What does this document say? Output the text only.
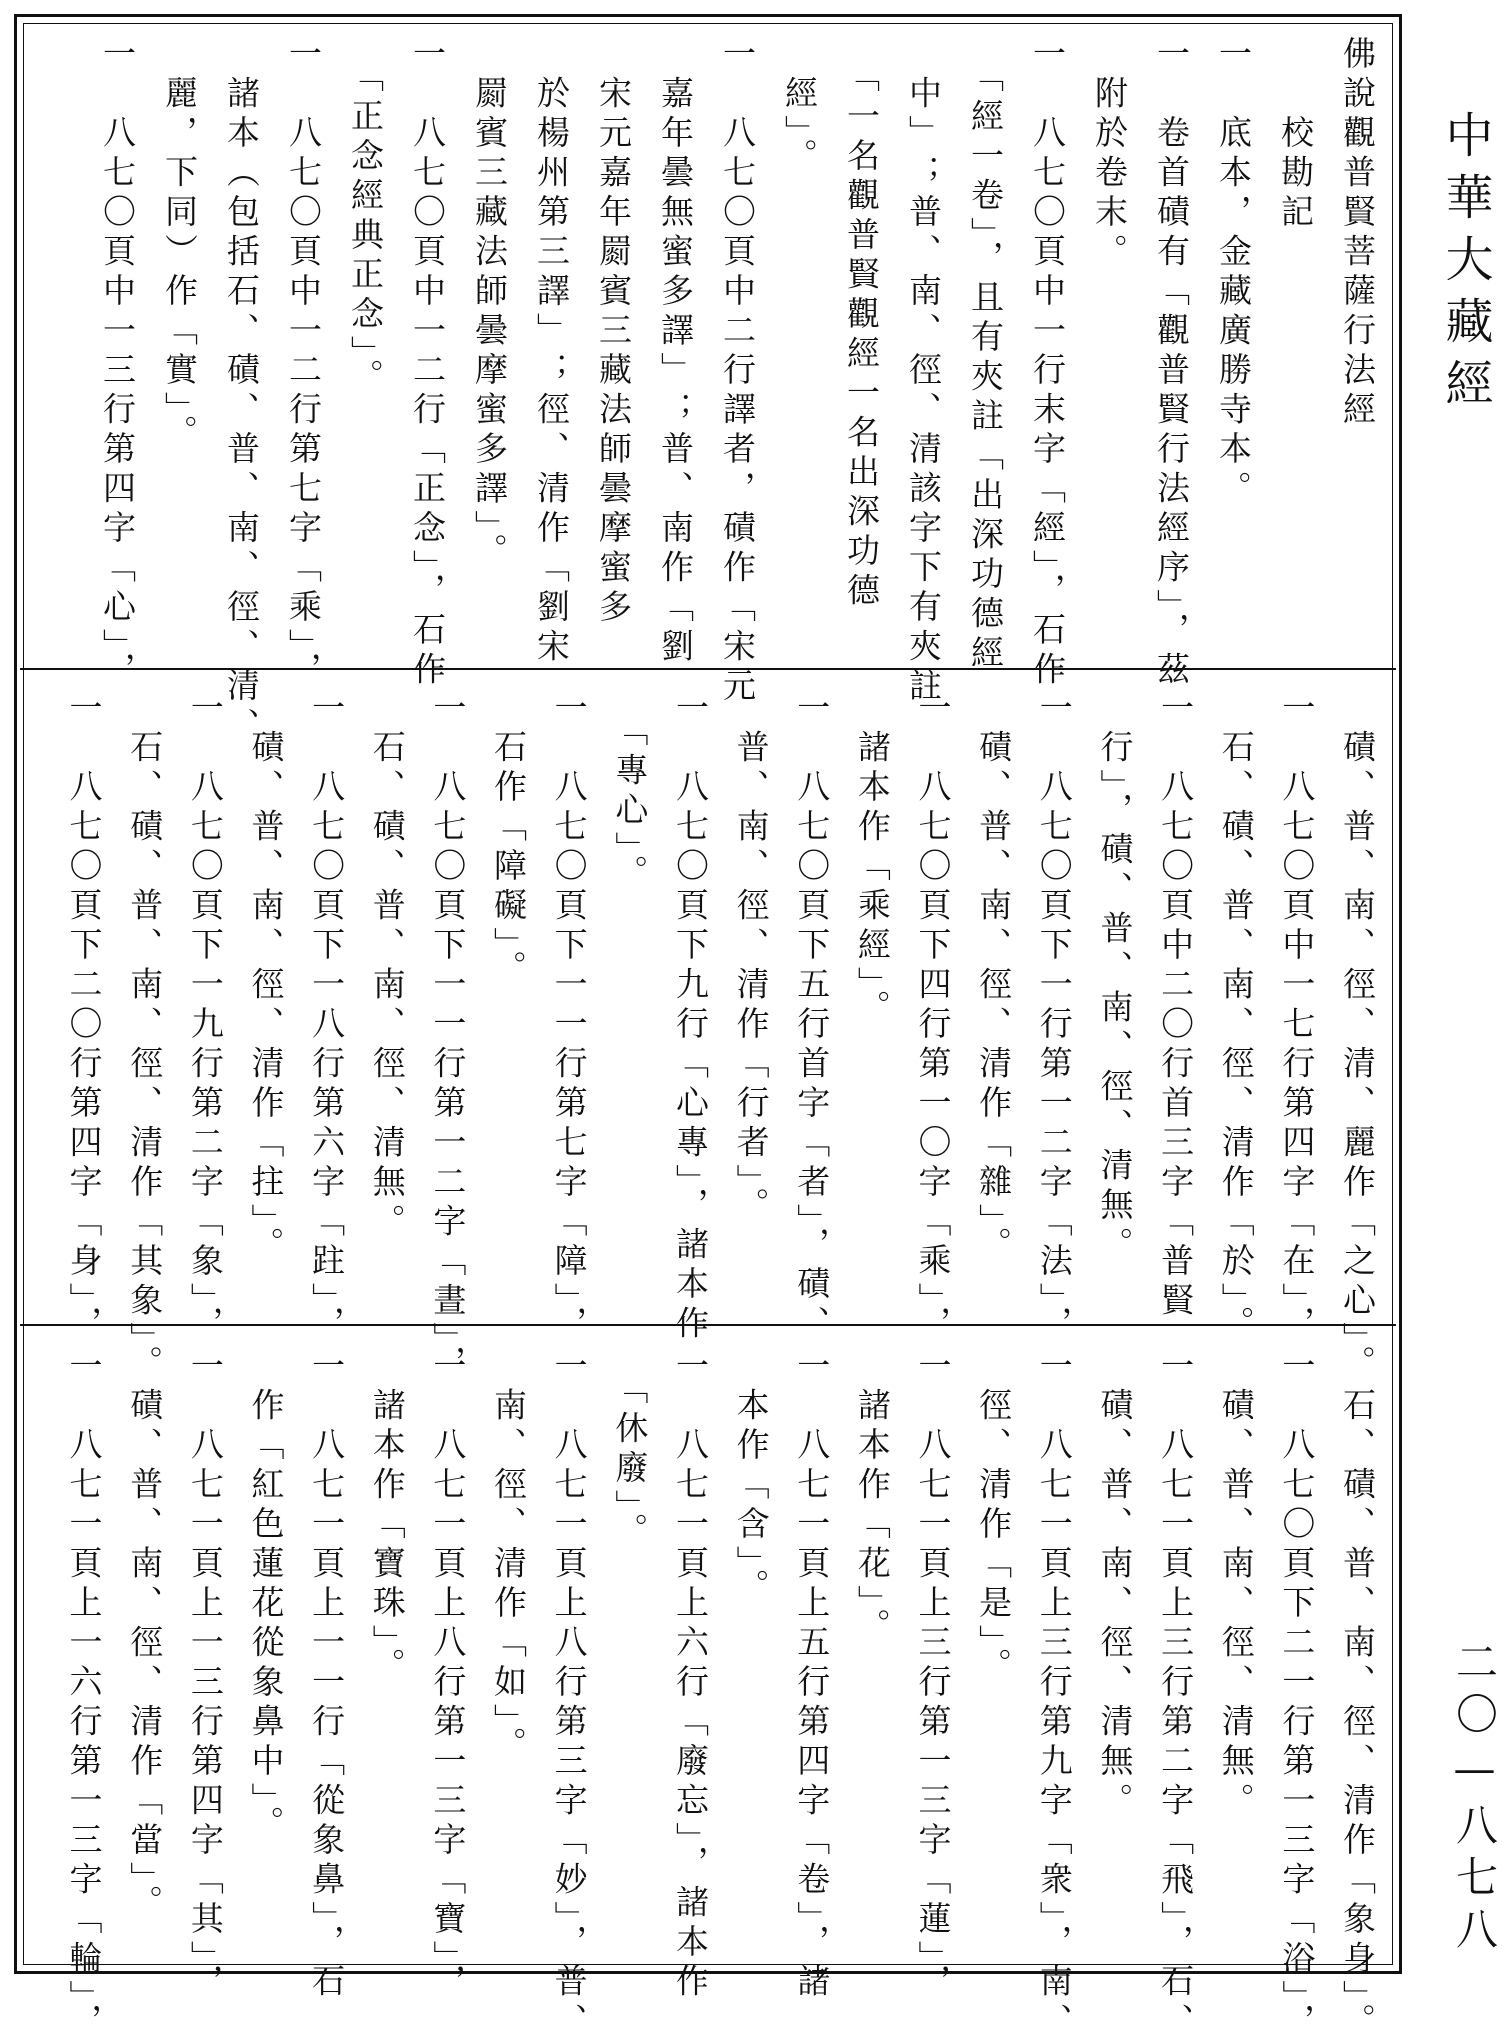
佛說觀普賢菩薩行法經
　　校勘記
一　底本，金藏廣勝寺本。
一　卷首磧有「觀普賢行法經序」，茲
　附於卷末。
一　八七〇頁中一行末字「經」，石作
　「經一卷」，且有夾註「出深功德經
　中」；普、南、徑、清該字下有夾註
　「一名觀普賢觀經一名出深功德
　經」。
一　八七〇頁中二行譯者，磧作「宋元
　嘉年曇無蜜多譯」；普、南作「劉
　宋元嘉年罽賓三藏法師曇摩蜜多
　於楊州第三譯」；徑、清作「劉宋
　罽賓三藏法師曇摩蜜多譯」。
一　八七〇頁中一二行「正念」，石作
　「正念經典正念」。
一　八七〇頁中一二行第七字「乘」，
　諸本（包括石、磧、普、南、徑、清、
　麗，下同）作「實」。
一　八七〇頁中一三行第四字「心」，
　磧、普、南、徑、清、麗作「之心」。
一　八七〇頁中一七行第四字「在」，
　石、磧、普、南、徑、清作「於」。
一　八七〇頁中二〇行首三字「普賢
　行」，磧、普、南、徑、清無。
一　八七〇頁下一行第一二字「法」，
　磧、普、南、徑、清作「雜」。
一　八七〇頁下四行第一〇字「乘」，
　諸本作「乘經」。
一　八七〇頁下五行首字「者」，磧、
　普、南、徑、清作「行者」。
一　八七〇頁下九行「心專」，諸本作
　「專心」。
一　八七〇頁下一一行第七字「障」，
　石作「障礙」。
一　八七〇頁下一一行第一二字「晝」，
　石、磧、普、南、徑、清無。
一　八七〇頁下一八行第六字「跓」，
　磧、普、南、徑、清作「拄」。
一　八七〇頁下一九行第二字「象」，
　石、磧、普、南、徑、清作「其象」。
一　八七〇頁下二〇行第四字「身」，
　石、磧、普、南、徑、清作「象身」。
一　八七〇頁下二一行第一三字「浴」，
　磧、普、南、徑、清無。
一　八七一頁上三行第二字「飛」，石、
　磧、普、南、徑、清無。
一　八七一頁上三行第九字「衆」，南、
　徑、清作「是」。
一　八七一頁上三行第一三字「蓮」，
　諸本作「花」。
一　八七一頁上五行第四字「卷」，諸
　本作「含」。
一　八七一頁上六行「廢忘」，諸本作
　「休廢」。
一　八七一頁上八行第三字「妙」，普、
　南、徑、清作「如」。
一　八七一頁上八行第一三字「寶」，
　諸本作「寶珠」。
一　八七一頁上一一行「從象鼻」，石
　作「紅色蓮花從象鼻中」。
一　八七一頁上一三行第四字「其」，
　磧、普、南、徑、清作「當」。
一　八七一頁上一六行第一三字「輪」，
中華大藏經
二〇—八七八
